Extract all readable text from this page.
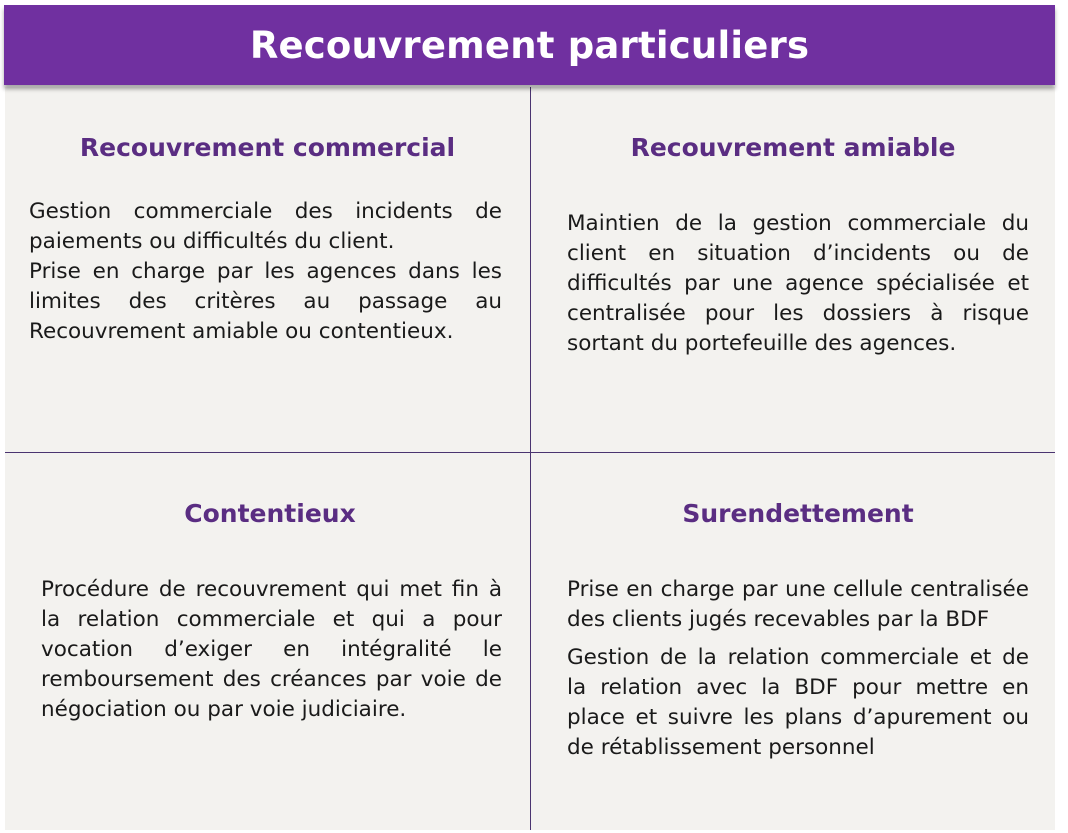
Recouvrement particuliers
Recouvrement commercial

Gestion commerciale des incidents de paiements ou difficultés du client.

Prise en charge par les agences dans les limites des critères au passage au Recouvrement amiable ou contentieux.

Recouvrement amiable

Maintien de la gestion commerciale du client en situation d’incidents ou de difficultés par une agence spécialisée et centralisée pour les dossiers à risque sortant du portefeuille des agences.

Contentieux

Procédure de recouvrement qui met fin à la relation commerciale et qui a pour vocation d’exiger en intégralité le remboursement des créances par voie de négociation ou par voie judiciaire.

Surendettement

Prise en charge par une cellule centralisée des clients jugés recevables par la BDF

Gestion de la relation commerciale et de la relation avec la BDF pour mettre en place et suivre les plans d’apurement ou de rétablissement personnel
